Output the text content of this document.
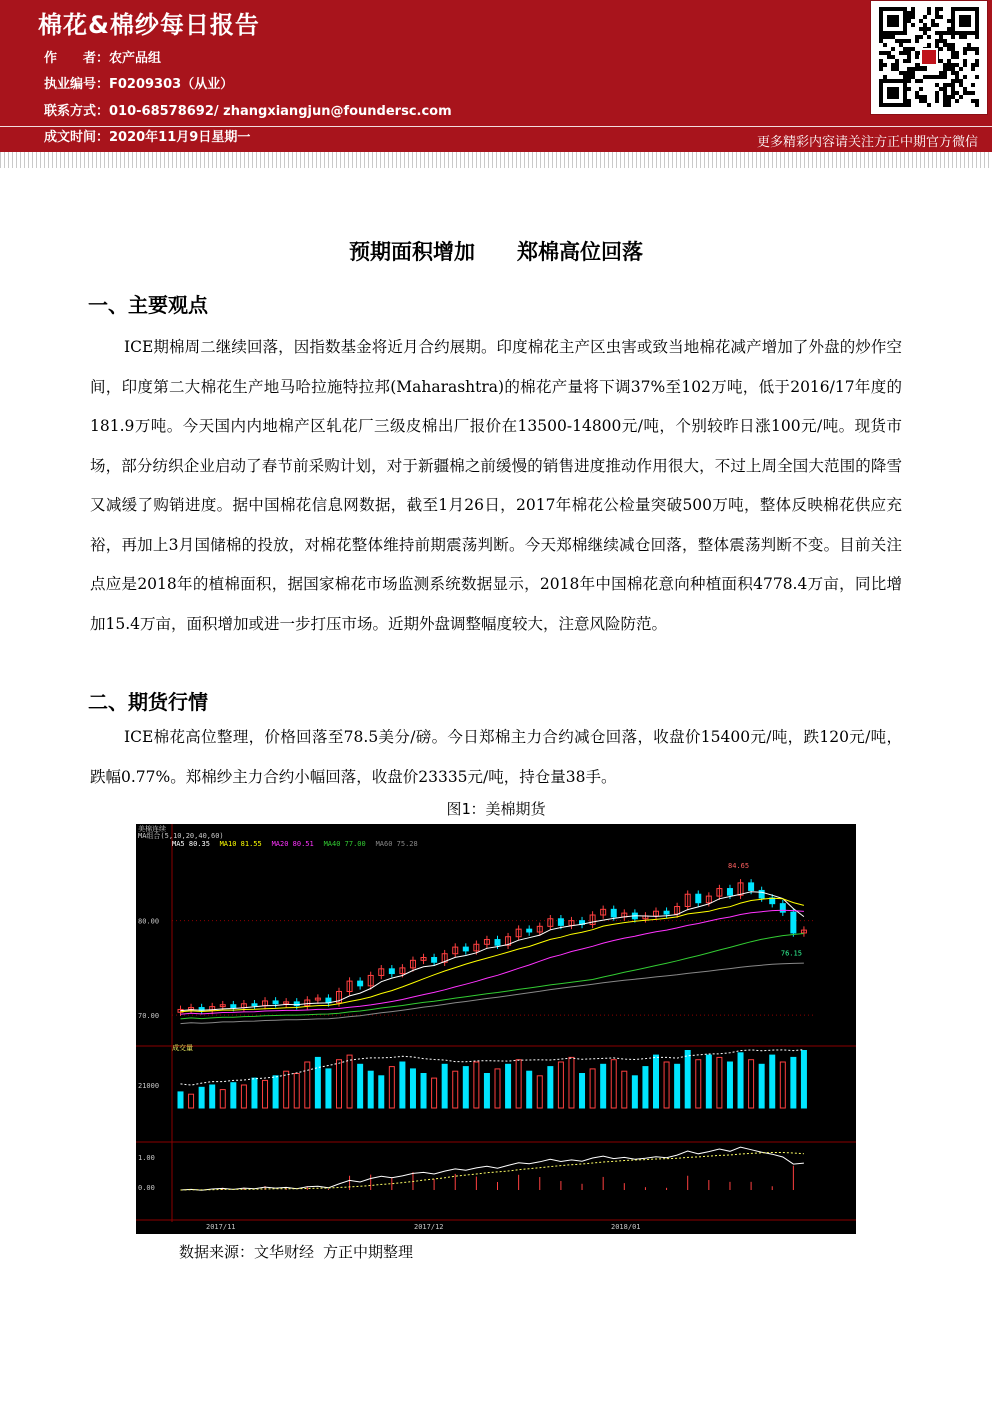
棉花&棉纱每日报告
作　　者：农产品组
执业编号：F0209303（从业）
联系方式：010-68578692/ zhangxiangjun@foundersc.com
成文时间：2020年11月9日星期一	更多精彩内容请关注方正中期官方微信
预期面积增加　　郑棉高位回落
一、主要观点
ICE期棉周二继续回落，因指数基金将近月合约展期。印度棉花主产区虫害或致当地棉花减产增加了外盘的炒作空间，印度第二大棉花生产地马哈拉施特拉邦(Maharashtra)的棉花产量将下调37%至102万吨，低于2016/17年度的181.9万吨。今天国内内地棉产区轧花厂三级皮棉出厂报价在13500-14800元/吨，个别较昨日涨100元/吨。现货市场，部分纺织企业启动了春节前采购计划，对于新疆棉之前缓慢的销售进度推动作用很大，不过上周全国大范围的降雪又减缓了购销进度。据中国棉花信息网数据，截至1月26日，2017年棉花公检量突破500万吨，整体反映棉花供应充裕，再加上3月国储棉的投放，对棉花整体维持前期震荡判断。今天郑棉继续减仓回落，整体震荡判断不变。目前关注点应是2018年的植棉面积，据国家棉花市场监测系统数据显示，2018年中国棉花意向种植面积4778.4万亩，同比增加15.4万亩，面积增加或进一步打压市场。近期外盘调整幅度较大，注意风险防范。
二、期货行情
ICE棉花高位整理，价格回落至78.5美分/磅。今日郑棉主力合约减仓回落，收盘价15400元/吨，跌120元/吨，跌幅0.77%。郑棉纱主力合约小幅回落，收盘价23335元/吨，持仓量38手。
图1：美棉期货
80.00
70.00
MA组合(5,10,20,40,60)
MA5 80.35 MA10 81.55 MA20 80.51 MA40 77.00 MA60 75.28
美棉连续
84.65
76.15
成交量
21000
1.00
0.00
2017/11	2017/12	2018/01
数据来源：文华财经 方正中期整理
